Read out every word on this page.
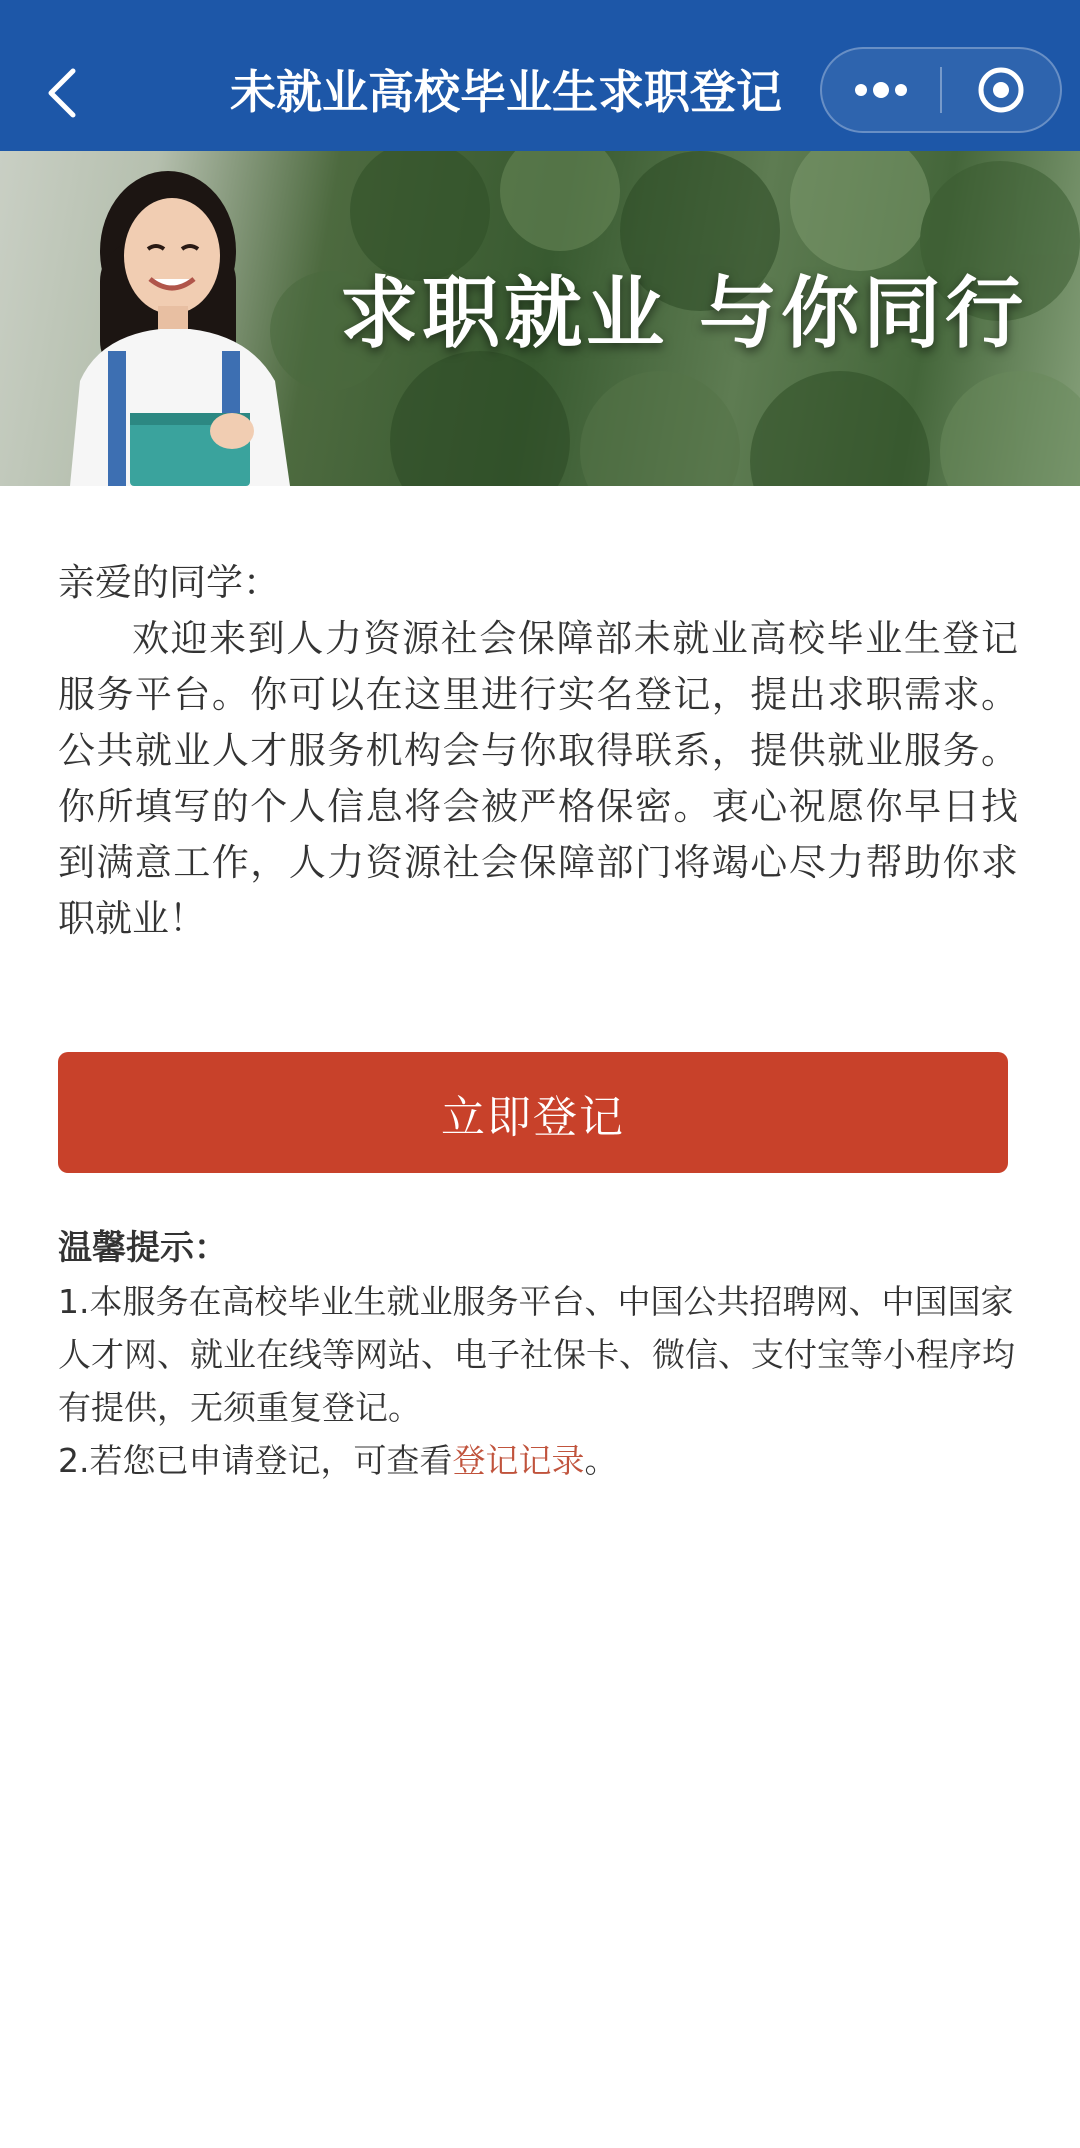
未就业高校毕业生求职登记
求职就业 与你同行
亲爱的同学：

欢迎来到人力资源社会保障部未就业高校毕业生登记服务平台。你可以在这里进行实名登记，提出求职需求。公共就业人才服务机构会与你取得联系，提供就业服务。你所填写的个人信息将会被严格保密。衷心祝愿你早日找到满意工作，人力资源社会保障部门将竭心尽力帮助你求职就业！

立即登记
温馨提示：

1.本服务在高校毕业生就业服务平台、中国公共招聘网、中国国家人才网、就业在线等网站、电子社保卡、微信、支付宝等小程序均有提供，无须重复登记。

2.若您已申请登记，可查看登记记录。
